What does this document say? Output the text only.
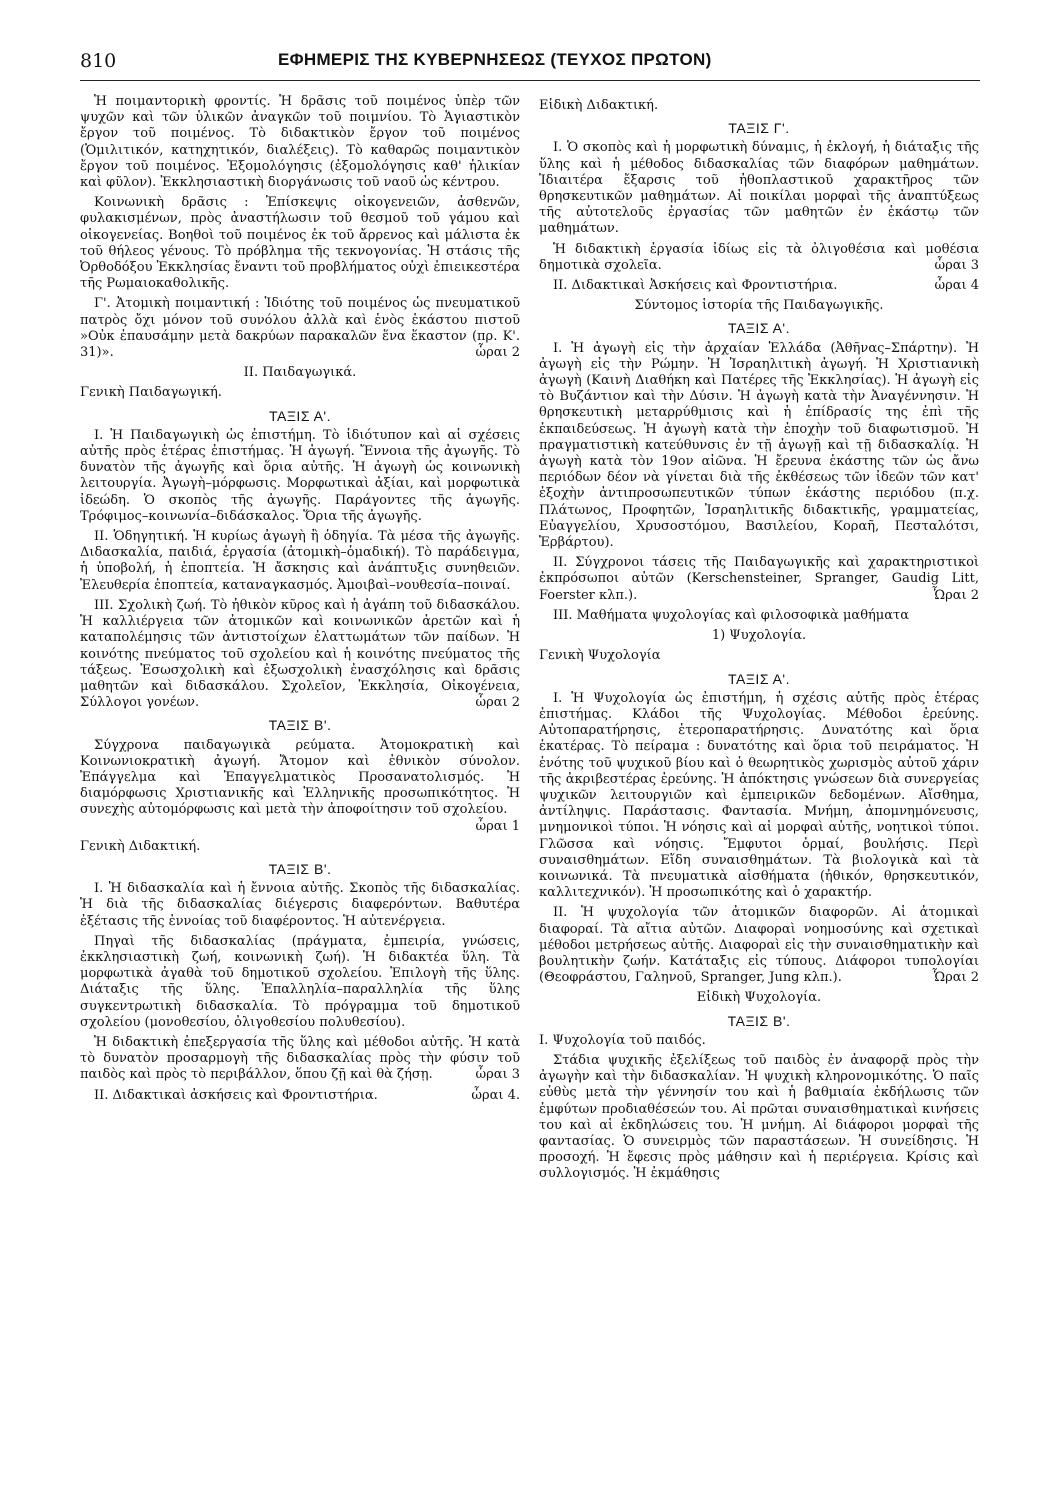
810	ΕΦΗΜΕΡΙΣ ΤΗΣ ΚΥΒΕΡΝΗΣΕΩΣ (ΤΕΥΧΟΣ ΠΡΩΤΟΝ)

Ἡ ποιμαντορικὴ φροντίς. Ἡ δρᾶσις τοῦ ποιμένος ὑπὲρ τῶν ψυχῶν καὶ τῶν ὑλικῶν ἀναγκῶν τοῦ ποιμνίου. Τὸ Ἁγιαστικὸν ἔργον τοῦ ποιμένος. Τὸ διδακτικὸν ἔργον τοῦ ποιμένος (Ὁμιλιτικόν, κατηχητικόν, διαλέξεις). Τὸ καθαρῶς ποιμαντικὸν ἔργον τοῦ ποιμένος. Ἐξομολόγησις (ἐξομολόγησις καθ' ἡλικίαν καὶ φῦλον). Ἐκκλησιαστικὴ διοργάνωσις τοῦ ναοῦ ὡς κέντρου.

Κοινωνικὴ δρᾶσις : Ἐπίσκεψις οἰκογενειῶν, ἀσθενῶν, φυλακισμένων, πρὸς ἀναστήλωσιν τοῦ θεσμοῦ τοῦ γάμου καὶ οἰκογενείας. Βοηθοὶ τοῦ ποιμένος ἐκ τοῦ ἄρρενος καὶ μάλιστα ἐκ τοῦ θήλεος γένους. Τὸ πρόβλημα τῆς τεκνογονίας. Ἡ στάσις τῆς Ὀρθοδόξου Ἐκκλησίας ἔναντι τοῦ προβλήματος οὐχὶ ἐπιεικεστέρα τῆς Ρωμαιοκαθολικῆς.

Γ'. Ἀτομικὴ ποιμαντική : Ἰδιότης τοῦ ποιμένος ὡς πνευματικοῦ πατρὸς ὄχι μόνον τοῦ συνόλου ἀλλὰ καὶ ἑνὸς ἑκάστου πιστοῦ »Οὐκ ἐπαυσάμην μετὰ δακρύων παρακαλῶν ἕνα ἕκαστον (πρ. Κ'. 31)».	ὧραι 2

ΙΙ. Παιδαγωγικά.

Γενικὴ Παιδαγωγική.

ΤΑΞΙΣ Α'.

Ι. Ἡ Παιδαγωγικὴ ὡς ἐπιστήμη. Τὸ ἰδιότυπον καὶ αἱ σχέσεις αὐτῆς πρὸς ἑτέρας ἐπιστήμας. Ἡ ἀγωγή. Ἔννοια τῆς ἀγωγῆς. Τὸ δυνατὸν τῆς ἀγωγῆς καὶ ὅρια αὐτῆς. Ἡ ἀγωγὴ ὡς κοινωνικὴ λειτουργία. Ἀγωγὴ–μόρφωσις. Μορφωτικαὶ ἀξίαι, καὶ μορφωτικὰ ἰδεώδη. Ὁ σκοπὸς τῆς ἀγωγῆς. Παράγοντες τῆς ἀγωγῆς. Τρόφιμος–κοινωνία–διδάσκαλος. Ὅρια τῆς ἀγωγῆς.

ΙΙ. Ὁδηγητική. Ἡ κυρίως ἀγωγὴ ἢ ὁδηγία. Τὰ μέσα τῆς ἀγωγῆς. Διδασκαλία, παιδιά, ἐργασία (ἀτομικὴ–ὁμαδική). Τὸ παράδειγμα, ἡ ὑποβολή, ἡ ἐποπτεία. Ἡ ἄσκησις καὶ ἀνάπτυξις συνηθειῶν. Ἐλευθερία ἐποπτεία, καταναγκασμός. Ἀμοιβαὶ–νουθεσία–ποιναί.

ΙΙΙ. Σχολικὴ ζωή. Τὸ ἠθικὸν κῦρος καὶ ἡ ἀγάπη τοῦ διδασκάλου. Ἡ καλλιέργεια τῶν ἀτομικῶν καὶ κοινωνικῶν ἀρετῶν καὶ ἡ καταπολέμησις τῶν ἀντιστοίχων ἐλαττωμάτων τῶν παίδων. Ἡ κοινότης πνεύματος τοῦ σχολείου καὶ ἡ κοινότης πνεύματος τῆς τάξεως. Ἐσωσχολικὴ καὶ ἐξωσχολικὴ ἐνασχόλησις καὶ δρᾶσις μαθητῶν καὶ διδασκάλου. Σχολεῖον, Ἐκκλησία, Οἰκογένεια, Σύλλογοι γονέων.	ὧραι 2

ΤΑΞΙΣ Β'.

Σύγχρονα παιδαγωγικὰ ρεύματα. Ἀτομοκρατικὴ καὶ Κοινωνιοκρατικὴ ἀγωγή. Ἄτομον καὶ ἐθνικὸν σύνολον. Ἐπάγγελμα καὶ Ἐπαγγελματικὸς Προσανατολισμός. Ἡ διαμόρφωσις Χριστιανικῆς καὶ Ἑλληνικῆς προσωπικότητος. Ἡ συνεχὴς αὐτομόρφωσις καὶ μετὰ τὴν ἀποφοίτησιν τοῦ σχολείου.
ὧραι 1

Γενικὴ Διδακτική.

ΤΑΞΙΣ Β'.

Ι. Ἡ διδασκαλία καὶ ἡ ἔννοια αὐτῆς. Σκοπὸς τῆς διδασκαλίας. Ἡ διὰ τῆς διδασκαλίας διέγερσις διαφερόντων. Βαθυτέρα ἐξέτασις τῆς ἐννοίας τοῦ διαφέροντος. Ἡ αὐτενέργεια.

Πηγαὶ τῆς διδασκαλίας (πράγματα, ἐμπειρία, γνώσεις, ἐκκλησιαστικὴ ζωή, κοινωνικὴ ζωή). Ἡ διδακτέα ὕλη. Τὰ μορφωτικὰ ἀγαθὰ τοῦ δημοτικοῦ σχολείου. Ἐπιλογὴ τῆς ὕλης. Διάταξις τῆς ὕλης. Ἐπαλληλία–παραλληλία τῆς ὕλης συγκεντρωτικὴ διδασκαλία. Τὸ πρόγραμμα τοῦ δημοτικοῦ σχολείου (μονοθεσίου, ὀλιγοθεσίου πολυθεσίου).

Ἡ διδακτικὴ ἐπεξεργασία τῆς ὕλης καὶ μέθοδοι αὐτῆς. Ἡ κατὰ τὸ δυνατὸν προσαρμογὴ τῆς διδασκαλίας πρὸς τὴν φύσιν τοῦ παιδὸς καὶ πρὸς τὸ περιβάλλον, ὅπου ζῇ καὶ θὰ ζήσῃ.	ὧραι 3

ΙΙ. Διδακτικαὶ ἀσκήσεις καὶ Φροντιστήρια.	ὧραι 4.

Εἰδικὴ Διδακτική.

ΤΑΞΙΣ Γ'.

Ι. Ὁ σκοπὸς καὶ ἡ μορφωτικὴ δύναμις, ἡ ἐκλογή, ἡ διάταξις τῆς ὕλης καὶ ἡ μέθοδος διδασκαλίας τῶν διαφόρων μαθημάτων. Ἰδιαιτέρα ἔξαρσις τοῦ ἠθοπλαστικοῦ χαρακτῆρος τῶν θρησκευτικῶν μαθημάτων. Αἱ ποικίλαι μορφαὶ τῆς ἀναπτύξεως τῆς αὐτοτελοῦς ἐργασίας τῶν μαθητῶν ἐν ἑκάστῳ τῶν μαθημάτων.

Ἡ διδακτικὴ ἐργασία ἰδίως εἰς τὰ ὀλιγοθέσια καὶ μοθέσια δημοτικὰ σχολεῖα.	ὧραι 3

ΙΙ. Διδακτικαὶ Ἀσκήσεις καὶ Φροντιστήρια.	ὧραι 4

Σύντομος ἱστορία τῆς Παιδαγωγικῆς.

ΤΑΞΙΣ Α'.

Ι. Ἡ ἀγωγὴ εἰς τὴν ἀρχαίαν Ἑλλάδα (Ἀθῆνας–Σπάρτην). Ἡ ἀγωγὴ εἰς τὴν Ρώμην. Ἡ Ἰσραηλιτικὴ ἀγωγή. Ἡ Χριστιανικὴ ἀγωγὴ (Καινὴ Διαθήκη καὶ Πατέρες τῆς Ἐκκλησίας). Ἡ ἀγωγὴ εἰς τὸ Βυζάντιον καὶ τὴν Δύσιν. Ἡ ἀγωγὴ κατὰ τὴν Ἀναγέννησιν. Ἡ θρησκευτικὴ μεταρρύθμισις καὶ ἡ ἐπίδρασίς της ἐπὶ τῆς ἐκπαιδεύσεως. Ἡ ἀγωγὴ κατὰ τὴν ἐποχὴν τοῦ διαφωτισμοῦ. Ἡ πραγματιστικὴ κατεύθυνσις ἐν τῇ ἀγωγῇ καὶ τῇ διδασκαλίᾳ. Ἡ ἀγωγὴ κατὰ τὸν 19ον αἰῶνα. Ἡ ἔρευνα ἑκάστης τῶν ὡς ἄνω περιόδων δέον νὰ γίνεται διὰ τῆς ἐκθέσεως τῶν ἰδεῶν τῶν κατ' ἐξοχὴν ἀντιπροσωπευτικῶν τύπων ἑκάστης περιόδου (π.χ. Πλάτωνος, Προφητῶν, Ἰσραηλιτικῆς διδακτικῆς, γραμματείας, Εὐαγγελίου, Χρυσοστόμου, Βασιλείου, Κοραῆ, Πεσταλότσι, Ἑρβάρτου).

ΙΙ. Σύγχρονοι τάσεις τῆς Παιδαγωγικῆς καὶ χαρακτηριστικοὶ ἐκπρόσωποι αὐτῶν (Kerschensteiner, Spranger, Gaudig Litt, Foerster κλπ.).	Ὧραι 2

ΙΙΙ. Μαθήματα ψυχολογίας καὶ φιλοσοφικὰ μαθήματα

1) Ψυχολογία.

Γενικὴ Ψυχολογία

ΤΑΞΙΣ Α'.

Ι. Ἡ Ψυχολογία ὡς ἐπιστήμη, ἡ σχέσις αὐτῆς πρὸς ἑτέρας ἐπιστήμας. Κλάδοι τῆς Ψυχολογίας. Μέθοδοι ἐρεύνης. Αὐτοπαρατήρησις, ἑτεροπαρατήρησις. Δυνατότης καὶ ὅρια ἑκατέρας. Τὸ πείραμα : δυνατότης καὶ ὅρια τοῦ πειράματος. Ἡ ἑνότης τοῦ ψυχικοῦ βίου καὶ ὁ θεωρητικὸς χωρισμὸς αὐτοῦ χάριν τῆς ἀκριβεστέρας ἐρεύνης. Ἡ ἀπόκτησις γνώσεων διὰ συνεργείας ψυχικῶν λειτουργιῶν καὶ ἐμπειρικῶν δεδομένων. Αἴσθημα, ἀντίληψις. Παράστασις. Φαντασία. Μνήμη, ἀπομνημόνευσις, μνημονικοὶ τύποι. Ἡ νόησις καὶ αἱ μορφαὶ αὐτῆς, νοητικοὶ τύποι. Γλῶσσα καὶ νόησις. Ἔμφυτοι ὁρμαί, βουλήσις. Περὶ συναισθημάτων. Εἴδη συναισθημάτων. Τὰ βιολογικὰ καὶ τὰ κοινωνικά. Τὰ πνευματικὰ αἰσθήματα (ἠθικόν, θρησκευτικόν, καλλιτεχνικόν). Ἡ προσωπικότης καὶ ὁ χαρακτήρ.

ΙΙ. Ἡ ψυχολογία τῶν ἀτομικῶν διαφορῶν. Αἱ ἀτομικαὶ διαφοραί. Τὰ αἴτια αὐτῶν. Διαφοραὶ νοημοσύνης καὶ σχετικαὶ μέθοδοι μετρήσεως αὐτῆς. Διαφοραὶ εἰς τὴν συναισθηματικὴν καὶ βουλητικὴν ζωήν. Κατάταξις εἰς τύπους. Διάφοροι τυπολογίαι (Θεοφράστου, Γαληνοῦ, Spranger, Jung κλπ.).	Ὧραι 2

Εἰδικὴ Ψυχολογία.

ΤΑΞΙΣ Β'.

Ι. Ψυχολογία τοῦ παιδός.

Στάδια ψυχικῆς ἐξελίξεως τοῦ παιδὸς ἐν ἀναφορᾷ πρὸς τὴν ἀγωγὴν καὶ τὴν διδασκαλίαν. Ἡ ψυχικὴ κληρονομικότης. Ὁ παῖς εὐθὺς μετὰ τὴν γέννησίν του καὶ ἡ βαθμιαία ἐκδήλωσις τῶν ἐμφύτων προδιαθέσεών του. Αἱ πρῶται συναισθηματικαὶ κινήσεις του καὶ αἱ ἐκδηλώσεις του. Ἡ μνήμη. Αἱ διάφοροι μορφαὶ τῆς φαντασίας. Ὁ συνειρμὸς τῶν παραστάσεων. Ἡ συνείδησις. Ἡ προσοχή. Ἡ ἔφεσις πρὸς μάθησιν καὶ ἡ περιέργεια. Κρίσις καὶ συλλογισμός. Ἡ ἐκμάθησις
